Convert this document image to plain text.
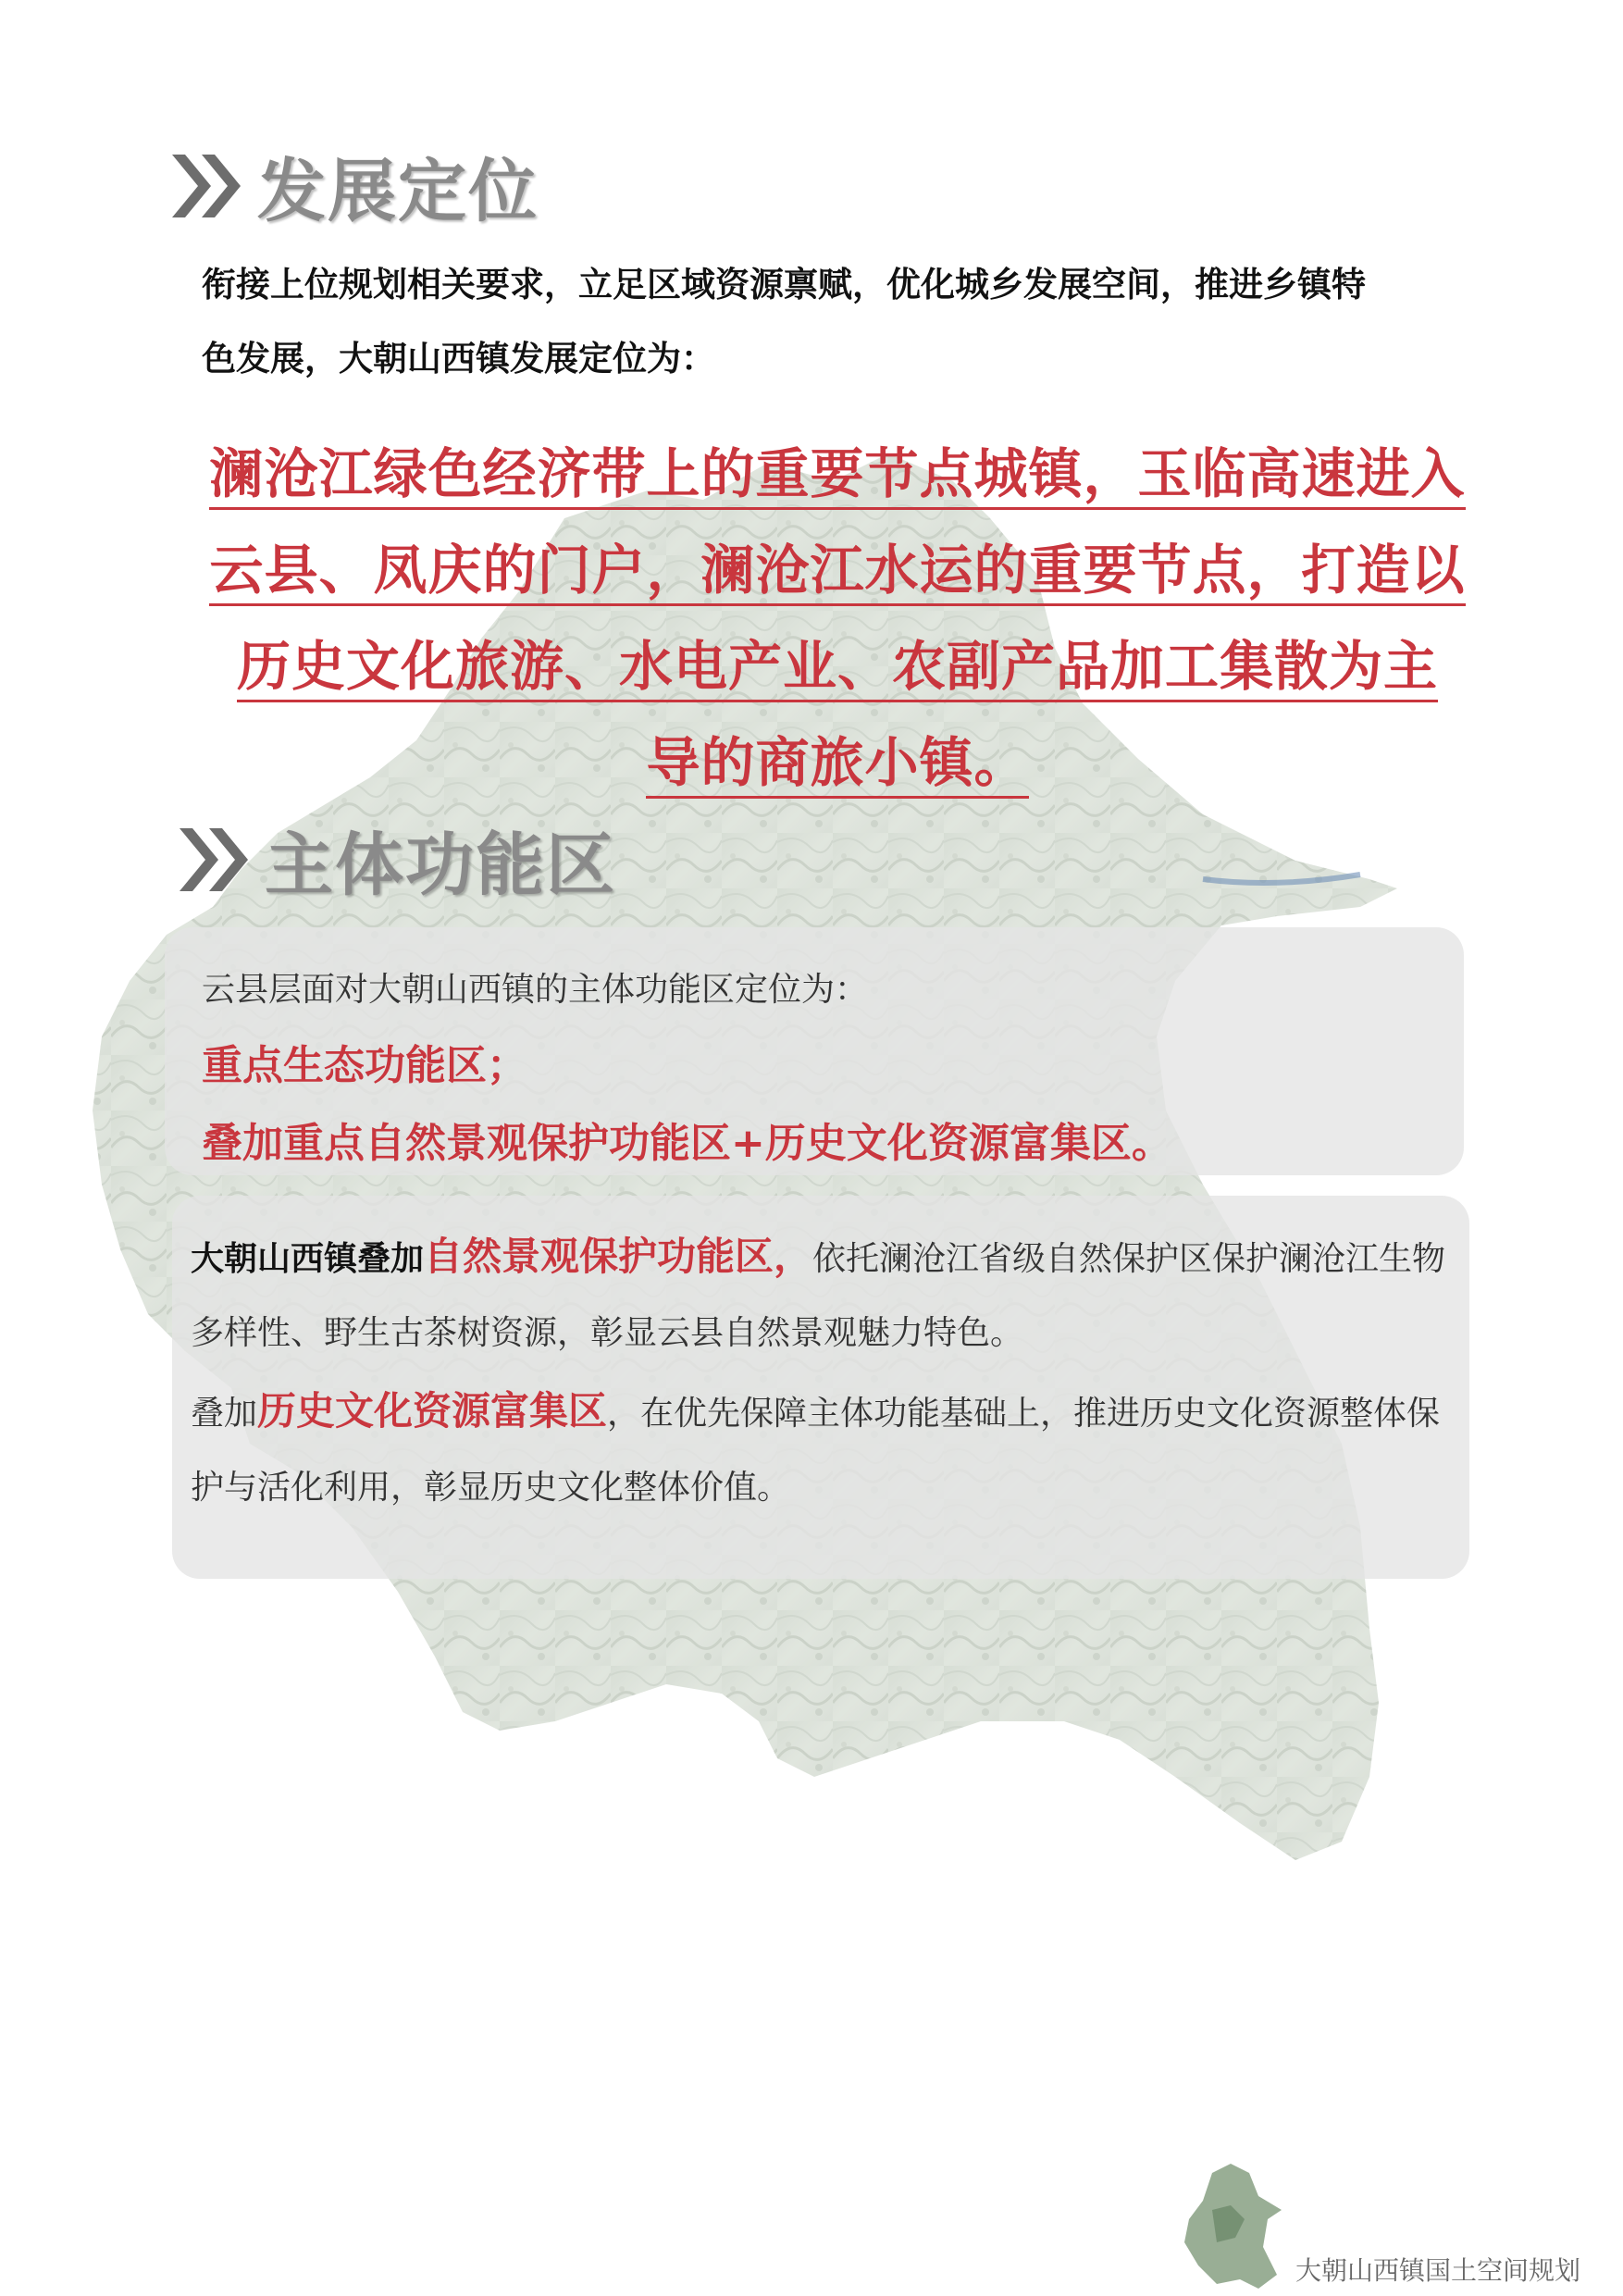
发展定位
衔接上位规划相关要求，立足区域资源禀赋，优化城乡发展空间，推进乡镇特
色发展，大朝山西镇发展定位为：
澜沧江绿色经济带上的重要节点城镇，玉临高速进入
云县、凤庆的门户，澜沧江水运的重要节点，打造以
历史文化旅游、水电产业、农副产品加工集散为主
导的商旅小镇。
主体功能区
云县层面对大朝山西镇的主体功能区定位为：
重点生态功能区；
叠加重点自然景观保护功能区+历史文化资源富集区。

大朝山西镇叠加自然景观保护功能区，依托澜沧江省级自然保护区保护澜沧江生物多样性、野生古茶树资源，彰显云县自然景观魅力特色。

叠加历史文化资源富集区，在优先保障主体功能基础上，推进历史文化资源整体保护与活化利用，彰显历史文化整体价值。

大朝山西镇国土空间规划
